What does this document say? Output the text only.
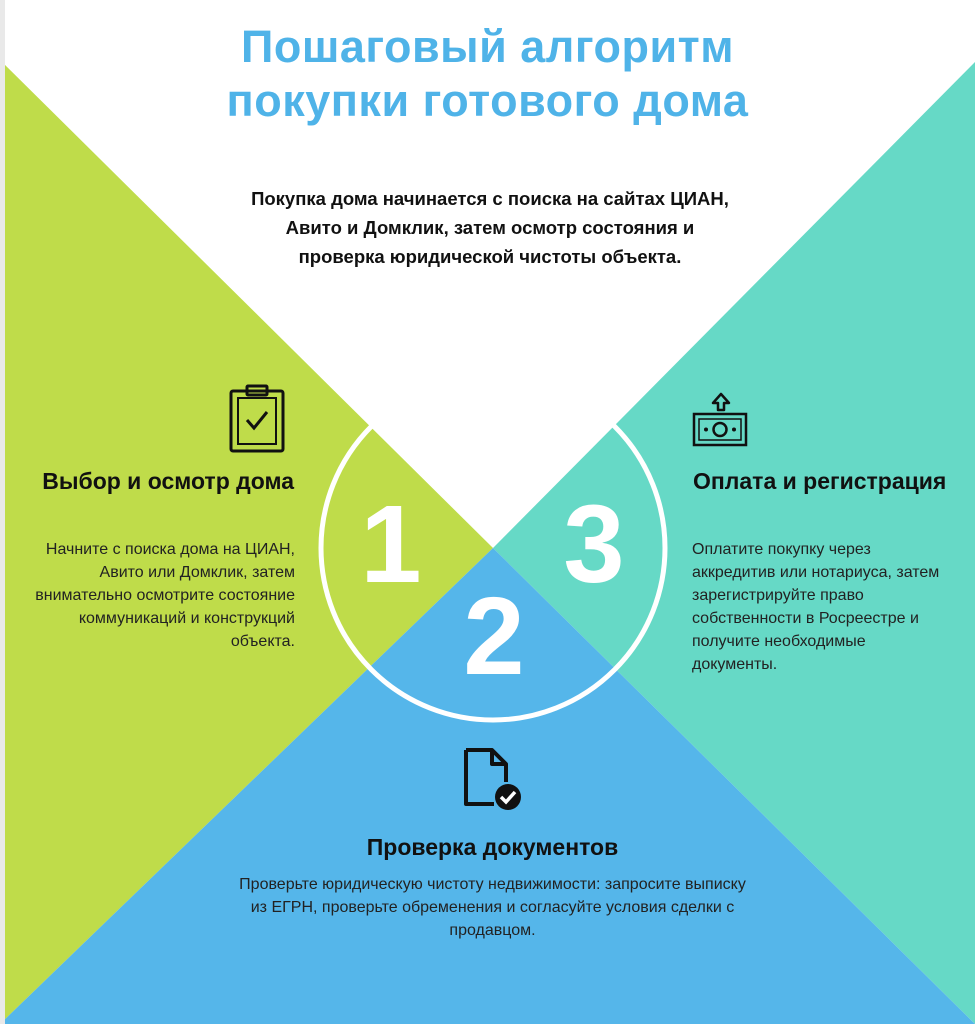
Пошаговый алгоритм
покупки готового дома
Покупка дома начинается с поиска на сайтах ЦИАН, Авито и Домклик, затем осмотр состояния и проверка юридической чистоты объекта.
1
2
3
Выбор и осмотр дома
Начните с поиска дома на ЦИАН, Авито или Домклик, затем внимательно осмотрите состояние коммуникаций и конструкций объекта.
Оплата и регистрация
Оплатите покупку через аккредитив или нотариуса, затем зарегистрируйте право собственности в Росреестре и получите необходимые документы.
Проверка документов
Проверьте юридическую чистоту недвижимости: запросите выписку из ЕГРН, проверьте обременения и согласуйте условия сделки с продавцом.
